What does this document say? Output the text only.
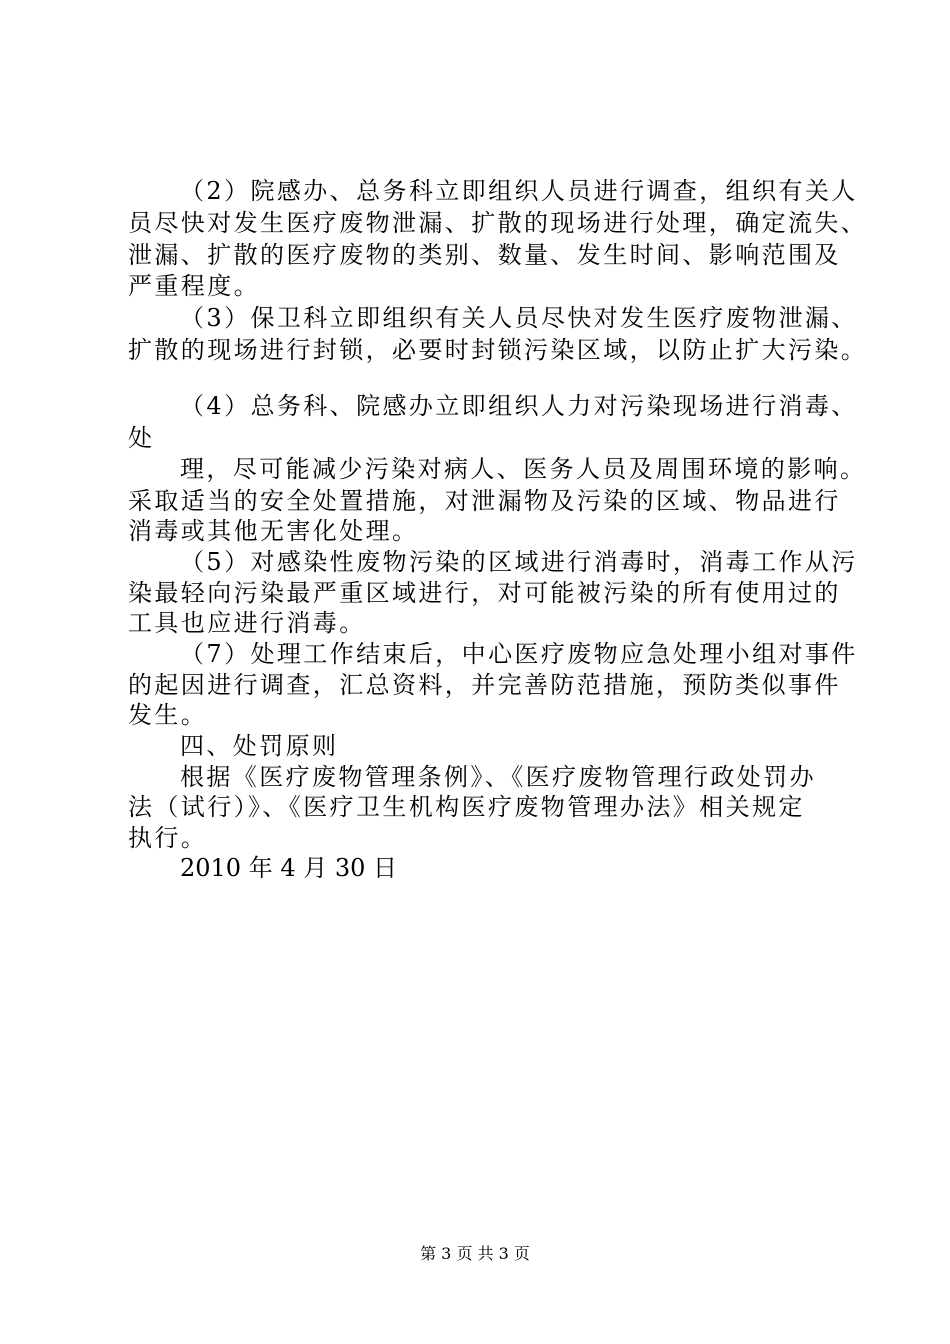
（2）院感办、总务科立即组织人员进行调查，组织有关人
员尽快对发生医疗废物泄漏、扩散的现场进行处理，确定流失、
泄漏、扩散的医疗废物的类别、数量、发生时间、影响范围及
严重程度。
（3）保卫科立即组织有关人员尽快对发生医疗废物泄漏、
扩散的现场进行封锁，必要时封锁污染区域，以防止扩大污染。
（4）总务科、院感办立即组织人力对污染现场进行消毒、
处
理，尽可能减少污染对病人、医务人员及周围环境的影响。
采取适当的安全处置措施，对泄漏物及污染的区域、物品进行
消毒或其他无害化处理。
（5）对感染性废物污染的区域进行消毒时，消毒工作从污
染最轻向污染最严重区域进行，对可能被污染的所有使用过的
工具也应进行消毒。
（7）处理工作结束后，中心医疗废物应急处理小组对事件
的起因进行调查，汇总资料，并完善防范措施，预防类似事件
发生。
四、处罚原则
根据《医疗废物管理条例》、《医疗废物管理行政处罚办
法（试行）》、《医疗卫生机构医疗废物管理办法》相关规定
执行。
2010 年 4 月 30 日
第 3 页 共 3 页
